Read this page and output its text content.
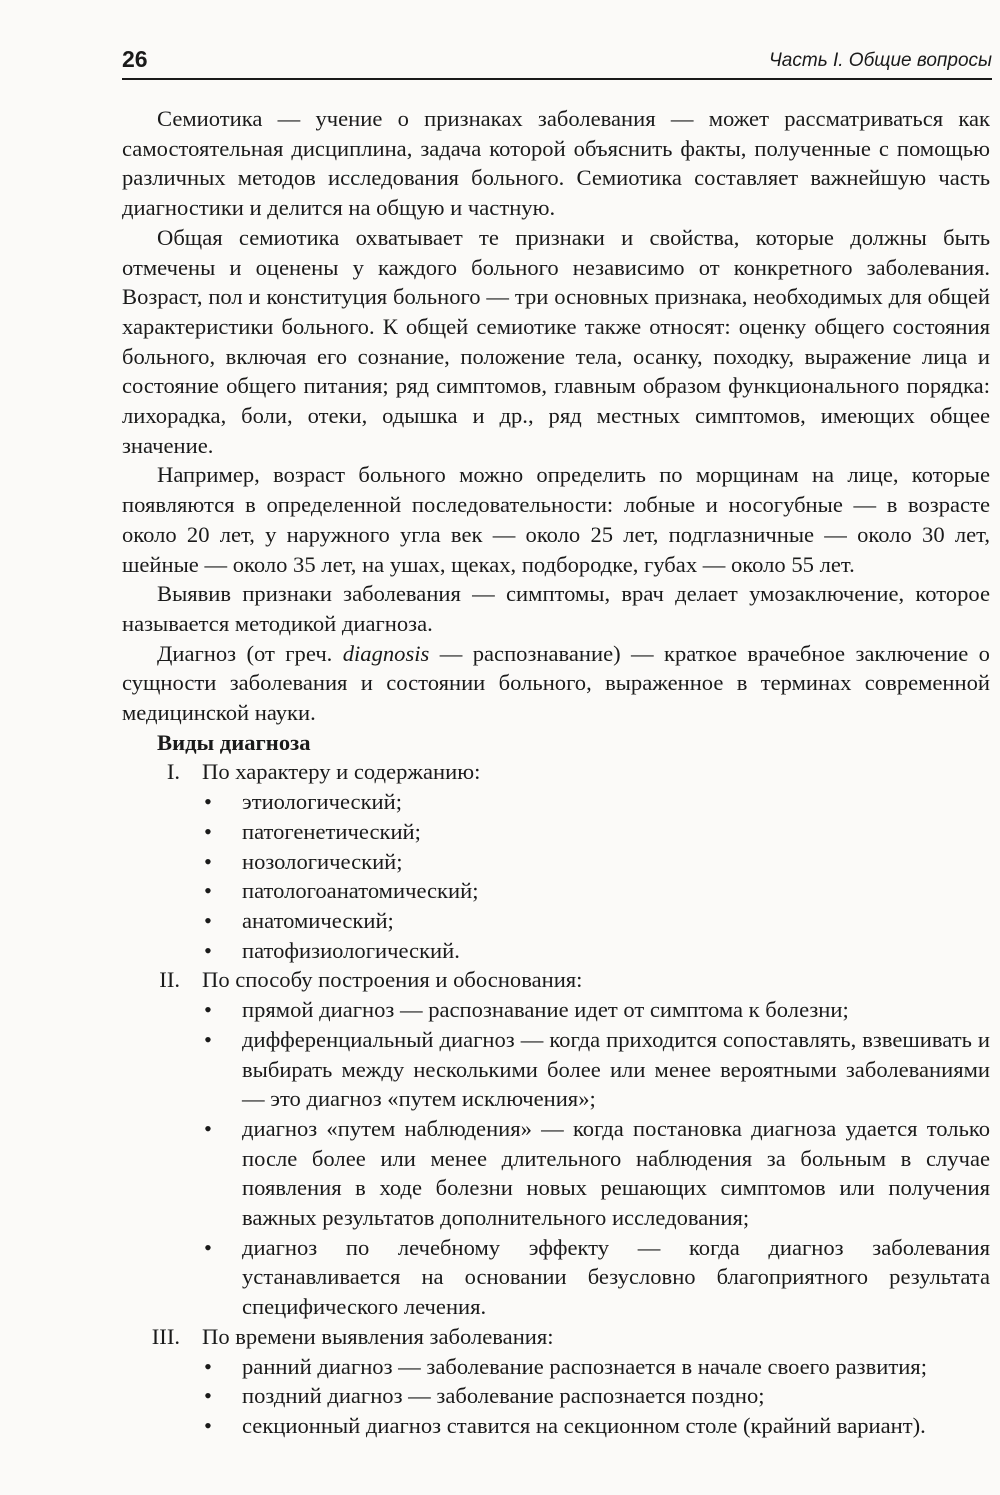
26	Часть I. Общие вопросы

Семиотика — учение о признаках заболевания — может рассматриваться как самостоятельная дисциплина, задача которой объяснить факты, полученные с помощью различных методов исследования больного. Семиотика составляет важнейшую часть диагностики и делится на общую и частную.

Общая семиотика охватывает те признаки и свойства, которые должны быть отмечены и оценены у каждого больного независимо от конкретного заболевания. Возраст, пол и конституция больного — три основных признака, необходимых для общей характеристики больного. К общей семиотике также относят: оценку общего состояния больного, включая его сознание, положение тела, осанку, походку, выражение лица и состояние общего питания; ряд симптомов, главным образом функционального порядка: лихорадка, боли, отеки, одышка и др., ряд местных симптомов, имеющих общее значение.

Например, возраст больного можно определить по морщинам на лице, которые появляются в определенной последовательности: лобные и носогубные — в возрасте около 20 лет, у наружного угла век — около 25 лет, подглазничные — около 30 лет, шейные — около 35 лет, на ушах, щеках, подбородке, губах — около 55 лет.

Выявив признаки заболевания — симптомы, врач делает умозаключение, которое называется методикой диагноза.

Диагноз (от греч. diagnosis — распознавание) — краткое врачебное заключение о сущности заболевания и состоянии больного, выраженное в терминах современной медицинской науки.

Виды диагноза

I. По характеру и содержанию:

• этиологический;
• патогенетический;
• нозологический;
• патологоанатомический;
• анатомический;
• патофизиологический.

II. По способу построения и обоснования:

• прямой диагноз — распознавание идет от симптома к болезни;
• дифференциальный диагноз — когда приходится сопоставлять, взвешивать и выбирать между несколькими более или менее вероятными заболеваниями — это диагноз «путем исключения»;
• диагноз «путем наблюдения» — когда постановка диагноза удается только после более или менее длительного наблюдения за больным в случае появления в ходе болезни новых решающих симптомов или получения важных результатов дополнительного исследования;
• диагноз по лечебному эффекту — когда диагноз заболевания устанавливается на основании безусловно благоприятного результата специфического лечения.

III. По времени выявления заболевания:

• ранний диагноз — заболевание распознается в начале своего развития;
• поздний диагноз — заболевание распознается поздно;
• секционный диагноз ставится на секционном столе (крайний вариант).
